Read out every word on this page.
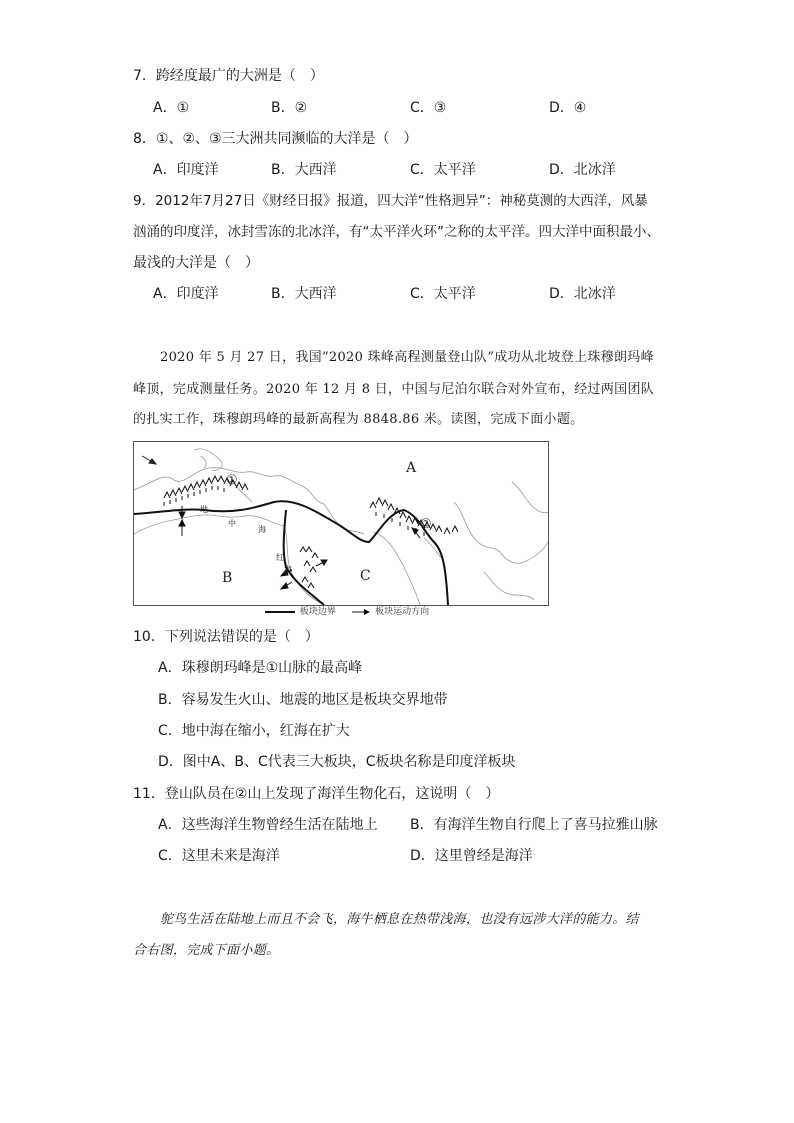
7．跨经度最广的大洲是（　）
A．①	B．②	C．③	D．④
8．①、②、③三大洲共同濒临的大洋是（　）
A．印度洋	B．大西洋	C．太平洋	D．北冰洋
9．2012年7月27日《财经日报》报道，四大洋“性格迥异”：神秘莫测的大西洋，风暴
汹涌的印度洋，冰封雪冻的北冰洋，有“太平洋火环”之称的太平洋。四大洋中面积最小、
最浅的大洋是（　）
A．印度洋	B．大西洋	C．太平洋	D．北冰洋
2020 年 5 月 27 日，我国“2020 珠峰高程测量登山队”成功从北坡登上珠穆朗玛峰
峰顶，完成测量任务。2020 年 12 月 8 日，中国与尼泊尔联合对外宣布，经过两国团队
的扎实工作，珠穆朗玛峰的最新高程为 8848.86 米。读图，完成下面小题。
A
B	C
①
②
地
中
海
红
海
板块边界	板块运动方向
10．下列说法错误的是（　）
A．珠穆朗玛峰是①山脉的最高峰
B．容易发生火山、地震的地区是板块交界地带
C．地中海在缩小，红海在扩大
D．图中A、B、C代表三大板块，C板块名称是印度洋板块
11．登山队员在②山上发现了海洋生物化石，这说明（　）
A．这些海洋生物曾经生活在陆地上 B．有海洋生物自行爬上了喜马拉雅山脉
C．这里未来是海洋	D．这里曾经是海洋
鸵鸟生活在陆地上而且不会飞，海牛栖息在热带浅海，也没有远涉大洋的能力。结
合右图，完成下面小题。
